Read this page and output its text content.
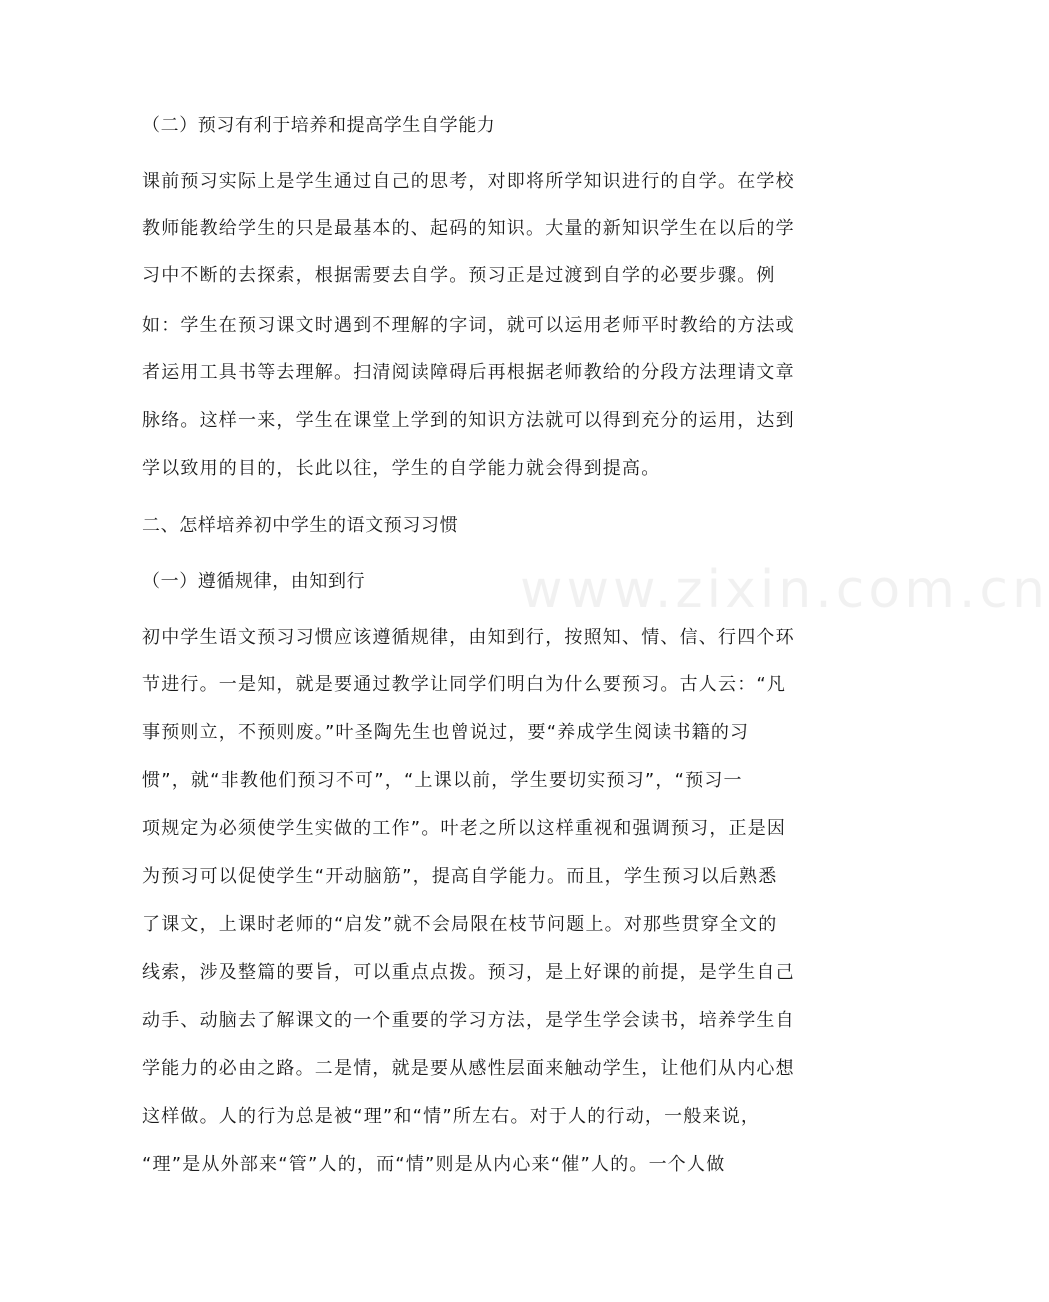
www.zixin.com.cn
（二）预习有利于培养和提高学生自学能力
课前预习实际上是学生通过自己的思考，对即将所学知识进行的自学。在学校
教师能教给学生的只是最基本的、起码的知识。大量的新知识学生在以后的学
习中不断的去探索，根据需要去自学。预习正是过渡到自学的必要步骤。例
如：学生在预习课文时遇到不理解的字词，就可以运用老师平时教给的方法或
者运用工具书等去理解。扫清阅读障碍后再根据老师教给的分段方法理请文章
脉络。这样一来，学生在课堂上学到的知识方法就可以得到充分的运用，达到
学以致用的目的，长此以往，学生的自学能力就会得到提高。
二、怎样培养初中学生的语文预习习惯
（一）遵循规律，由知到行
初中学生语文预习习惯应该遵循规律，由知到行，按照知、情、信、行四个环
节进行。一是知，就是要通过教学让同学们明白为什么要预习。古人云：“凡
事预则立，不预则废。”叶圣陶先生也曾说过，要“养成学生阅读书籍的习
惯”，就“非教他们预习不可”，“上课以前，学生要切实预习”，“预习一
项规定为必须使学生实做的工作”。叶老之所以这样重视和强调预习，正是因
为预习可以促使学生“开动脑筋”，提高自学能力。而且，学生预习以后熟悉
了课文，上课时老师的“启发”就不会局限在枝节问题上。对那些贯穿全文的
线索，涉及整篇的要旨，可以重点点拨。预习，是上好课的前提，是学生自己
动手、动脑去了解课文的一个重要的学习方法，是学生学会读书，培养学生自
学能力的必由之路。二是情，就是要从感性层面来触动学生，让他们从内心想
这样做。人的行为总是被“理”和“情”所左右。对于人的行动，一般来说，
“理”是从外部来“管”人的，而“情”则是从内心来“催”人的。一个人做
